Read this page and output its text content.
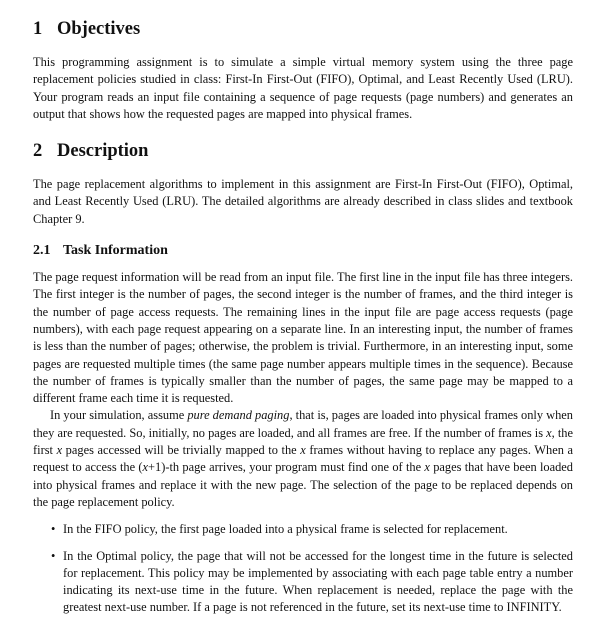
1 Objectives

This programming assignment is to simulate a simple virtual memory system using the three page replacement policies studied in class: First-In First-Out (FIFO), Optimal, and Least Recently Used (LRU). Your program reads an input file containing a sequence of page requests (page numbers) and generates an output that shows how the requested pages are mapped into physical frames.

2 Description

The page replacement algorithms to implement in this assignment are First-In First-Out (FIFO), Optimal, and Least Recently Used (LRU). The detailed algorithms are already described in class slides and textbook Chapter 9.

2.1 Task Information

The page request information will be read from an input file. The first line in the input file has three integers. The first integer is the number of pages, the second integer is the number of frames, and the third integer is the number of page access requests. The remaining lines in the input file are page access requests (page numbers), with each page request appearing on a separate line. In an interesting input, the number of frames is less than the number of pages; otherwise, the problem is trivial. Furthermore, in an interesting input, some pages are requested multiple times (the same page number appears multiple times in the sequence). Because the number of frames is typically smaller than the number of pages, the same page may be mapped to a different frame each time it is requested.

In your simulation, assume pure demand paging, that is, pages are loaded into physical frames only when they are requested. So, initially, no pages are loaded, and all frames are free. If the number of frames is x, the first x pages accessed will be trivially mapped to the x frames without having to replace any pages. When a request to access the (x+1)-th page arrives, your program must find one of the x pages that have been loaded into physical frames and replace it with the new page. The selection of the page to be replaced depends on the page replacement policy.

• In the FIFO policy, the first page loaded into a physical frame is selected for replacement.
• In the Optimal policy, the page that will not be accessed for the longest time in the future is selected for replacement. This policy may be implemented by associating with each page table entry a number indicating its next-use time in the future. When replacement is needed, replace the page with the greatest next-use number. If a page is not referenced in the future, set its next-use time to INFINITY.
